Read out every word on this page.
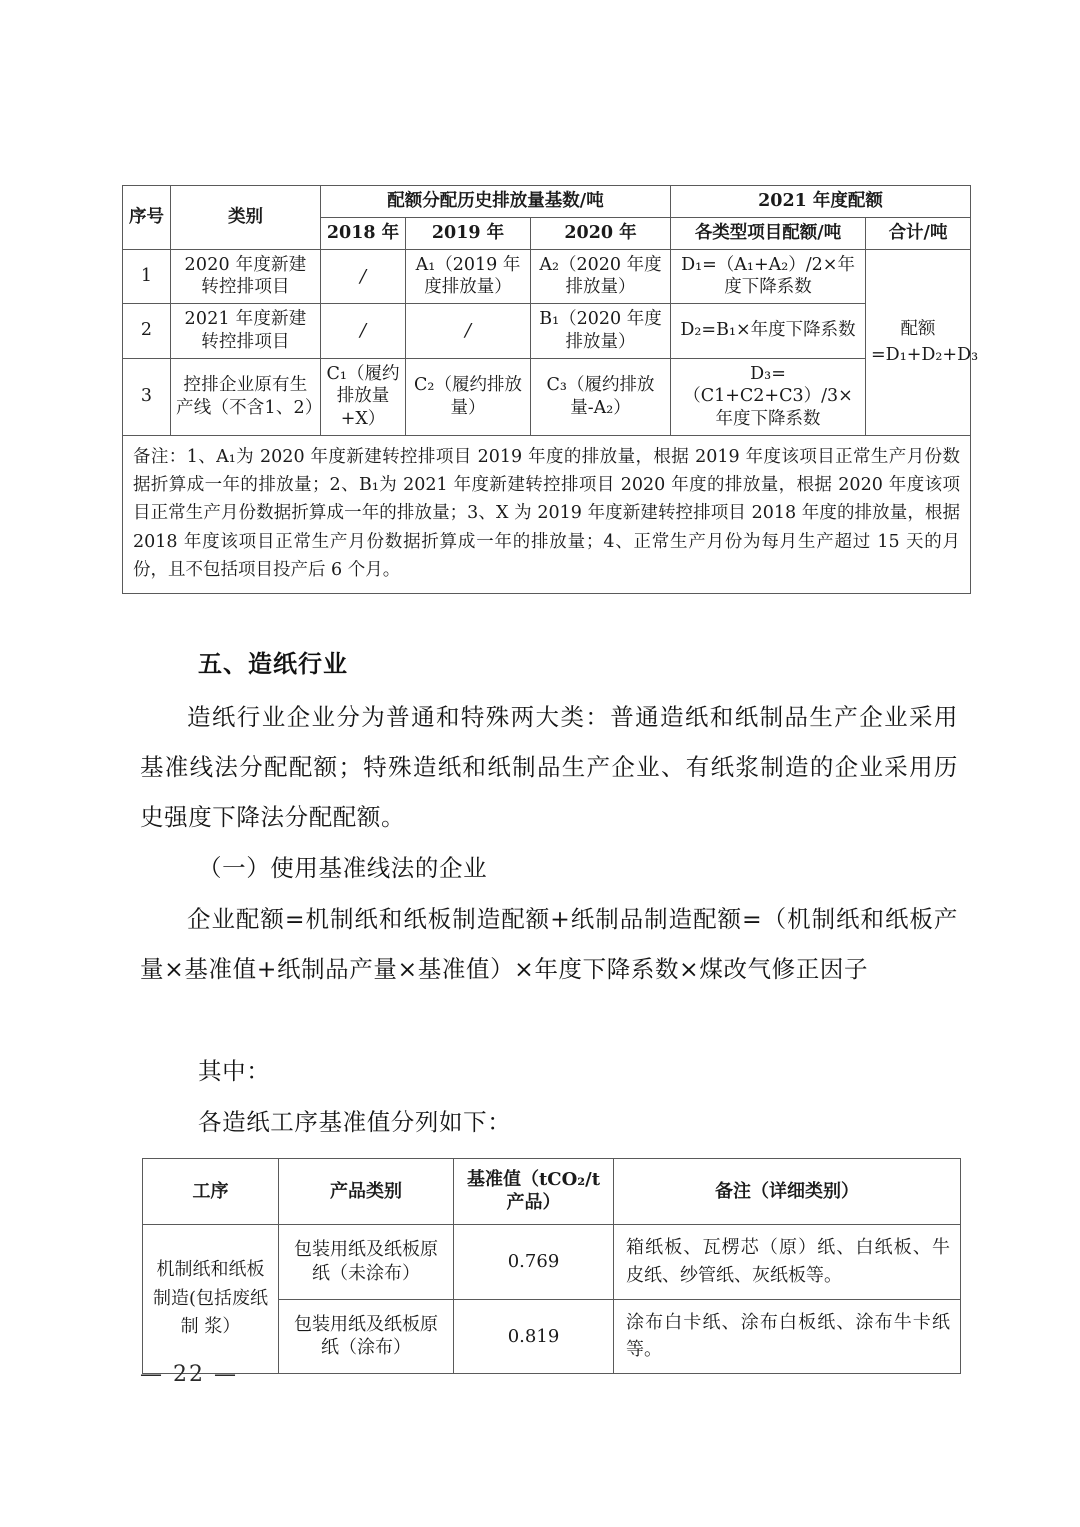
序号	类别	配额分配历史排放量基数/吨			2021 年度配额	
		2018 年	2019 年	2020 年	各类型项目配额/吨	合计/吨
1	2020 年度新建转控排项目	/	A₁（2019 年度排放量）	A₂（2020 年度排放量）	D₁=（A₁+A₂）/2×年度下降系数	配额=D₁+D₂+D₃
2	2021 年度新建转控排项目	/	/	B₁（2020 年度排放量）	D₂=B₁×年度下降系数	
3	控排企业原有生产线（不含1、2）	C₁（履约排放量+X）	C₂（履约排放量）	C₃（履约排放量-A₂）	D₃=（C1+C2+C3）/3×年度下降系数	
备注：1、A₁为 2020 年度新建转控排项目 2019 年度的排放量，根据 2019 年度该项目正常生产月份数据折算成一年的排放量；2、B₁为 2021 年度新建转控排项目 2020 年度的排放量，根据 2020 年度该项目正常生产月份数据折算成一年的排放量；3、X 为 2019 年度新建转控排项目 2018 年度的排放量，根据 2018 年度该项目正常生产月份数据折算成一年的排放量；4、正常生产月份为每月生产超过 15 天的月份，且不包括项目投产后 6 个月。						
五、造纸行业
造纸行业企业分为普通和特殊两大类：普通造纸和纸制品生产企业采用基准线法分配配额；特殊造纸和纸制品生产企业、有纸浆制造的企业采用历史强度下降法分配配额。
（一）使用基准线法的企业
企业配额=机制纸和纸板制造配额+纸制品制造配额=（机制纸和纸板产量×基准值+纸制品产量×基准值）×年度下降系数×煤改气修正因子
其中：
各造纸工序基准值分列如下：
工序	产品类别	基准值（tCO₂/t 产品）	备注（详细类别）
机制纸和纸板制造(包括废纸制 浆）	包装用纸及纸板原纸（未涂布）	0.769	箱纸板、瓦楞芯（原）纸、白纸板、牛 皮纸、纱管纸、灰纸板等。
	包装用纸及纸板原纸（涂布）	0.819	涂布白卡纸、涂布白板纸、涂布牛卡纸等。
— 22 —
